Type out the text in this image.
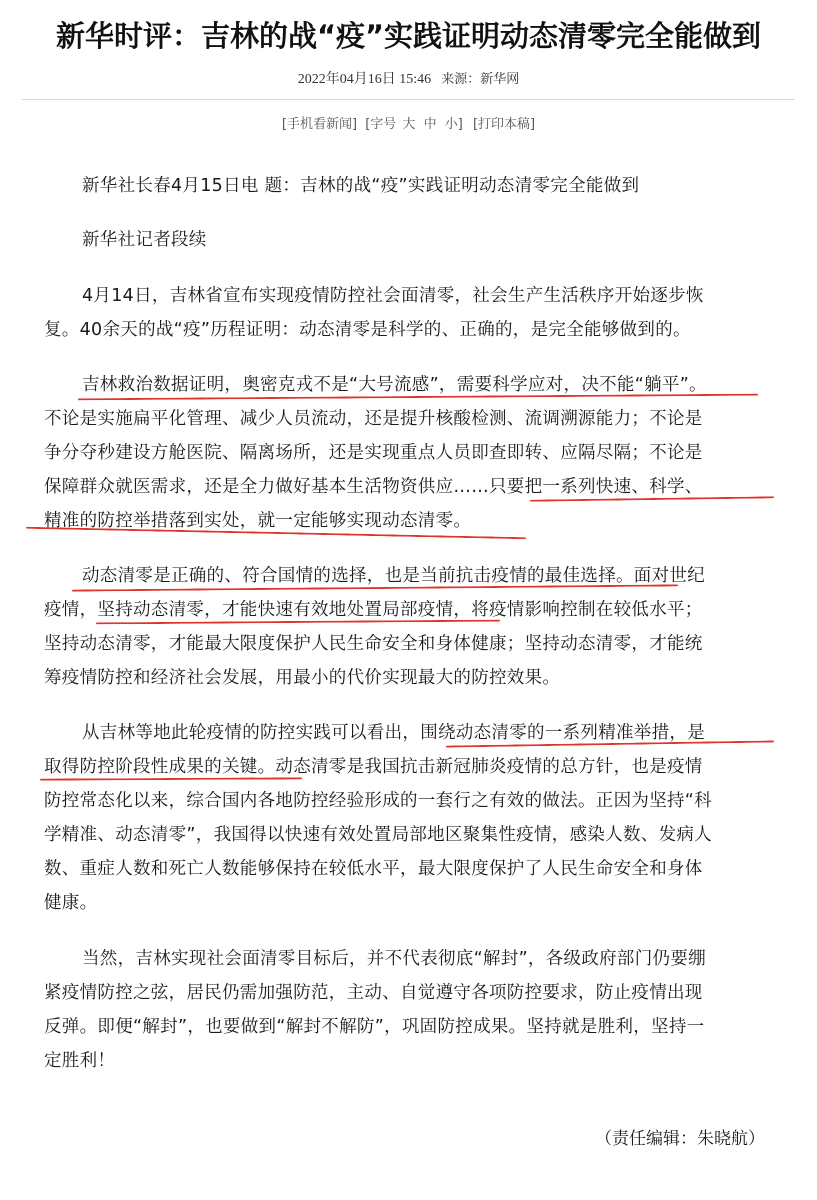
新华时评：吉林的战“疫”实践证明动态清零完全能做到
2022年04月16日 15:46 来源：新华网
[手机看新闻] [字号 大 中 小] [打印本稿]
新华社长春4月15日电 题：吉林的战“疫”实践证明动态清零完全能做到
新华社记者段续
4月14日，吉林省宣布实现疫情防控社会面清零，社会生产生活秩序开始逐步恢
复。40余天的战“疫”历程证明：动态清零是科学的、正确的，是完全能够做到的。
吉林救治数据证明，奥密克戎不是“大号流感”，需要科学应对，决不能“躺平”。
不论是实施扁平化管理、减少人员流动，还是提升核酸检测、流调溯源能力；不论是
争分夺秒建设方舱医院、隔离场所，还是实现重点人员即查即转、应隔尽隔；不论是
保障群众就医需求，还是全力做好基本生活物资供应……只要把一系列快速、科学、
精准的防控举措落到实处，就一定能够实现动态清零。
动态清零是正确的、符合国情的选择，也是当前抗击疫情的最佳选择。面对世纪
疫情，坚持动态清零，才能快速有效地处置局部疫情，将疫情影响控制在较低水平；
坚持动态清零，才能最大限度保护人民生命安全和身体健康；坚持动态清零，才能统
筹疫情防控和经济社会发展，用最小的代价实现最大的防控效果。
从吉林等地此轮疫情的防控实践可以看出，围绕动态清零的一系列精准举措，是
取得防控阶段性成果的关键。动态清零是我国抗击新冠肺炎疫情的总方针，也是疫情
防控常态化以来，综合国内各地防控经验形成的一套行之有效的做法。正因为坚持“科
学精准、动态清零”，我国得以快速有效处置局部地区聚集性疫情，感染人数、发病人
数、重症人数和死亡人数能够保持在较低水平，最大限度保护了人民生命安全和身体
健康。
当然，吉林实现社会面清零目标后，并不代表彻底“解封”，各级政府部门仍要绷
紧疫情防控之弦，居民仍需加强防范，主动、自觉遵守各项防控要求，防止疫情出现
反弹。即便“解封”，也要做到“解封不解防”，巩固防控成果。坚持就是胜利，坚持一
定胜利！
（责任编辑：朱晓航）
